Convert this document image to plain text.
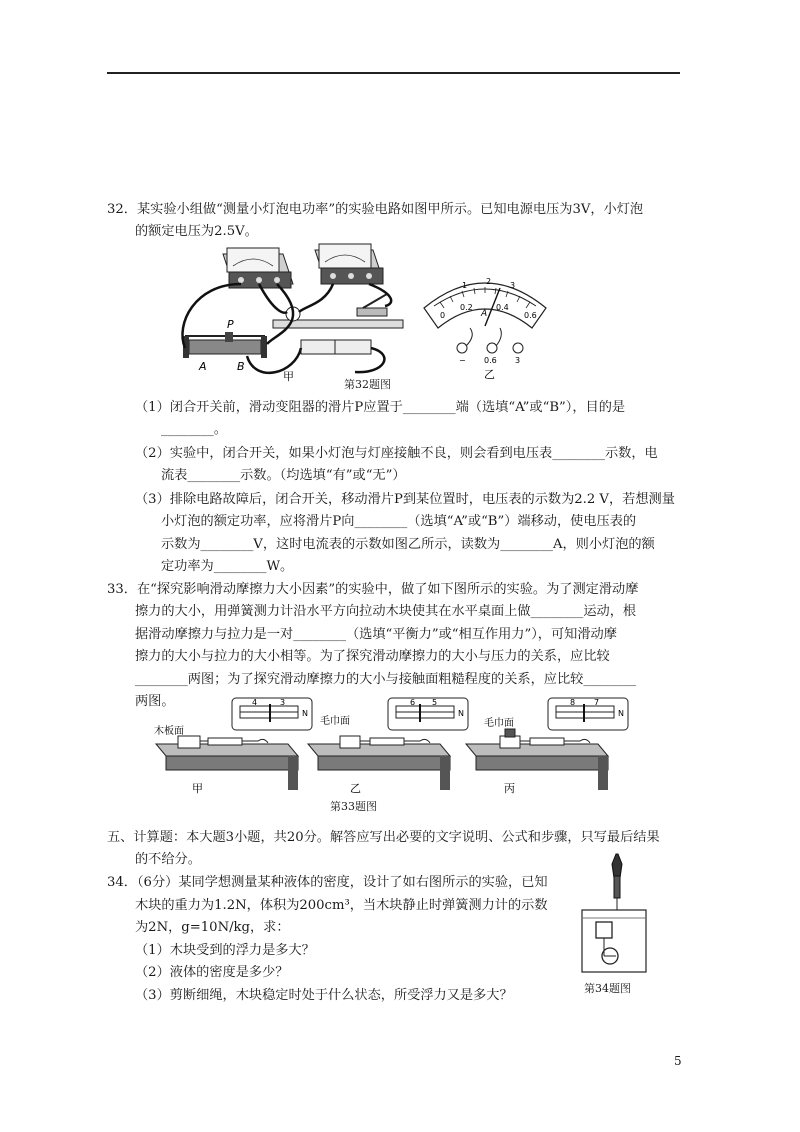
32．某实验小组做“测量小灯泡电功率”的实验电路如图甲所示。已知电源电压为3V，小灯泡
的额定电压为2.5V。
P
A	B
甲
第32题图
0
0.2	0.4
0.6
1 2 3
A
− 0.6 3
乙
（1）闭合开关前，滑动变阻器的滑片P应置于________端（选填“A”或“B”），目的是
________。
（2）实验中，闭合开关，如果小灯泡与灯座接触不良，则会看到电压表________示数，电
流表________示数。（均选填“有”或“无”）
（3）排除电路故障后，闭合开关，移动滑片P到某位置时，电压表的示数为2.2 V，若想测量
小灯泡的额定功率，应将滑片P向________（选填“A”或“B”）端移动，使电压表的
示数为________V，这时电流表的示数如图乙所示，读数为________A，则小灯泡的额
定功率为________W。
33．在“探究影响滑动摩擦力大小因素”的实验中，做了如下图所示的实验。为了测定滑动摩
擦力的大小，用弹簧测力计沿水平方向拉动木块使其在水平桌面上做________运动，根
据滑动摩擦力与拉力是一对________（选填“平衡力”或“相互作用力”），可知滑动摩
擦力的大小与拉力的大小相等。为了探究滑动摩擦力的大小与压力的关系，应比较
________两图；为了探究滑动摩擦力的大小与接触面粗糙程度的关系，应比较________
两图。	4	3
N
木板面
6 5
N
毛巾面
8 7
N
毛巾面
甲	乙	丙
第33题图
五、计算题：本大题3小题，共20分。解答应写出必要的文字说明、公式和步骤，只写最后结果
的不给分。
34．（6分）某同学想测量某种液体的密度，设计了如右图所示的实验，已知
木块的重力为1.2N，体积为200cm³，当木块静止时弹簧测力计的示数
为2N，g=10N/kg，求：
（1）木块受到的浮力是多大？
（2）液体的密度是多少？
（3）剪断细绳，木块稳定时处于什么状态，所受浮力又是多大？	第34题图
5
